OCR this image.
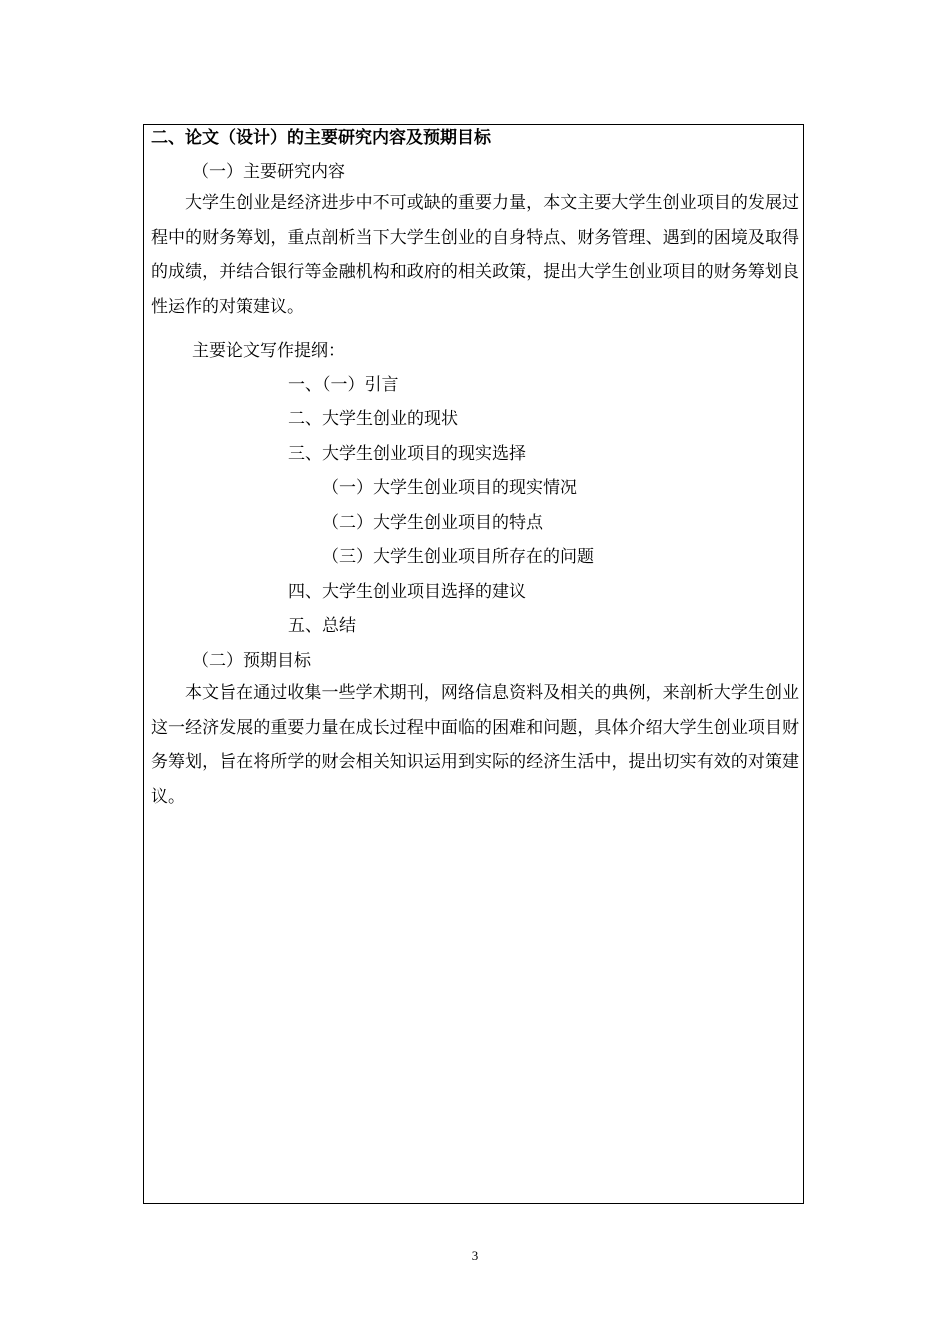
二、论文（设计）的主要研究内容及预期目标
（一）主要研究内容

大学生创业是经济进步中不可或缺的重要力量，本文主要大学生创业项目的发展过程中的财务筹划，重点剖析当下大学生创业的自身特点、财务管理、遇到的困境及取得的成绩，并结合银行等金融机构和政府的相关政策，提出大学生创业项目的财务筹划良性运作的对策建议。

主要论文写作提纲：
一、（一）引言
二、大学生创业的现状
三、大学生创业项目的现实选择
（一）大学生创业项目的现实情况
（二）大学生创业项目的特点
（三）大学生创业项目所存在的问题
四、大学生创业项目选择的建议
五、总结
（二）预期目标

本文旨在通过收集一些学术期刊，网络信息资料及相关的典例，来剖析大学生创业这一经济发展的重要力量在成长过程中面临的困难和问题，具体介绍大学生创业项目财务筹划，旨在将所学的财会相关知识运用到实际的经济生活中，提出切实有效的对策建议。

3
